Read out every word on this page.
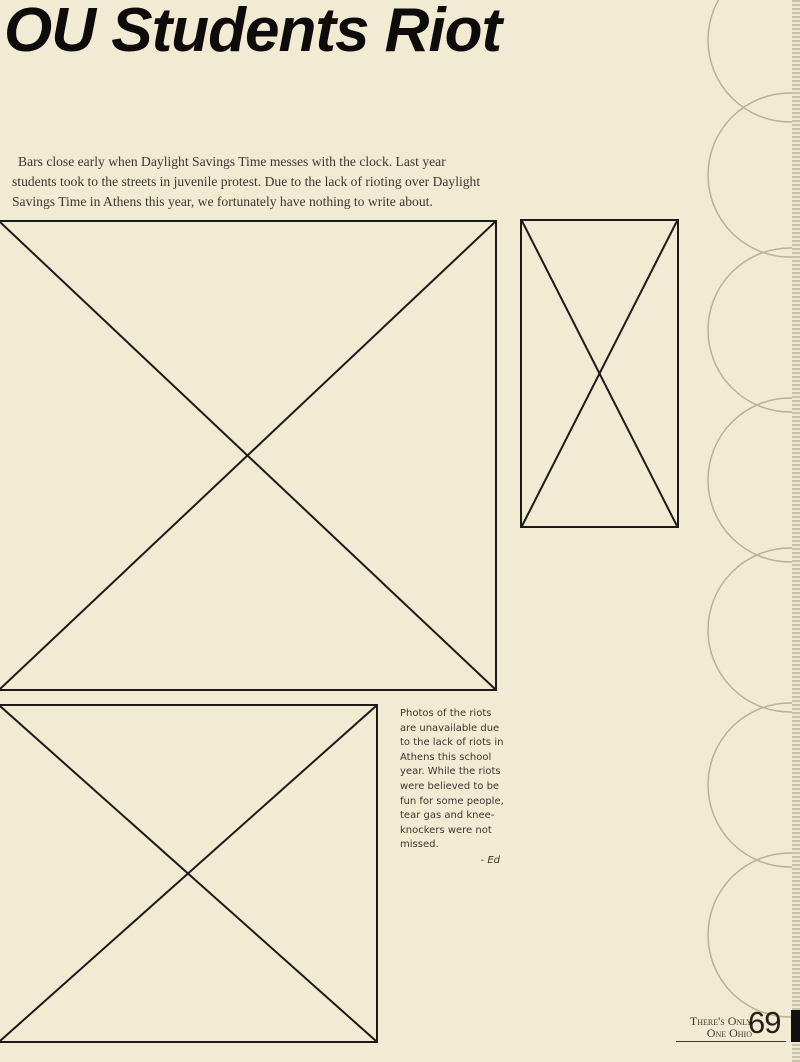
OU Students Riot

Bars close early when Daylight Savings Time messes with the clock. Last year
students took to the streets in juvenile protest. Due to the lack of rioting over Daylight
Savings Time in Athens this year, we fortunately have nothing to write about.

Photos of the riots are unavailable due to the lack of riots in Athens this school year. While the riots were believed to be fun for some people, tear gas and knee-knockers were not missed.

- Ed
There's Only
One Ohio
69
